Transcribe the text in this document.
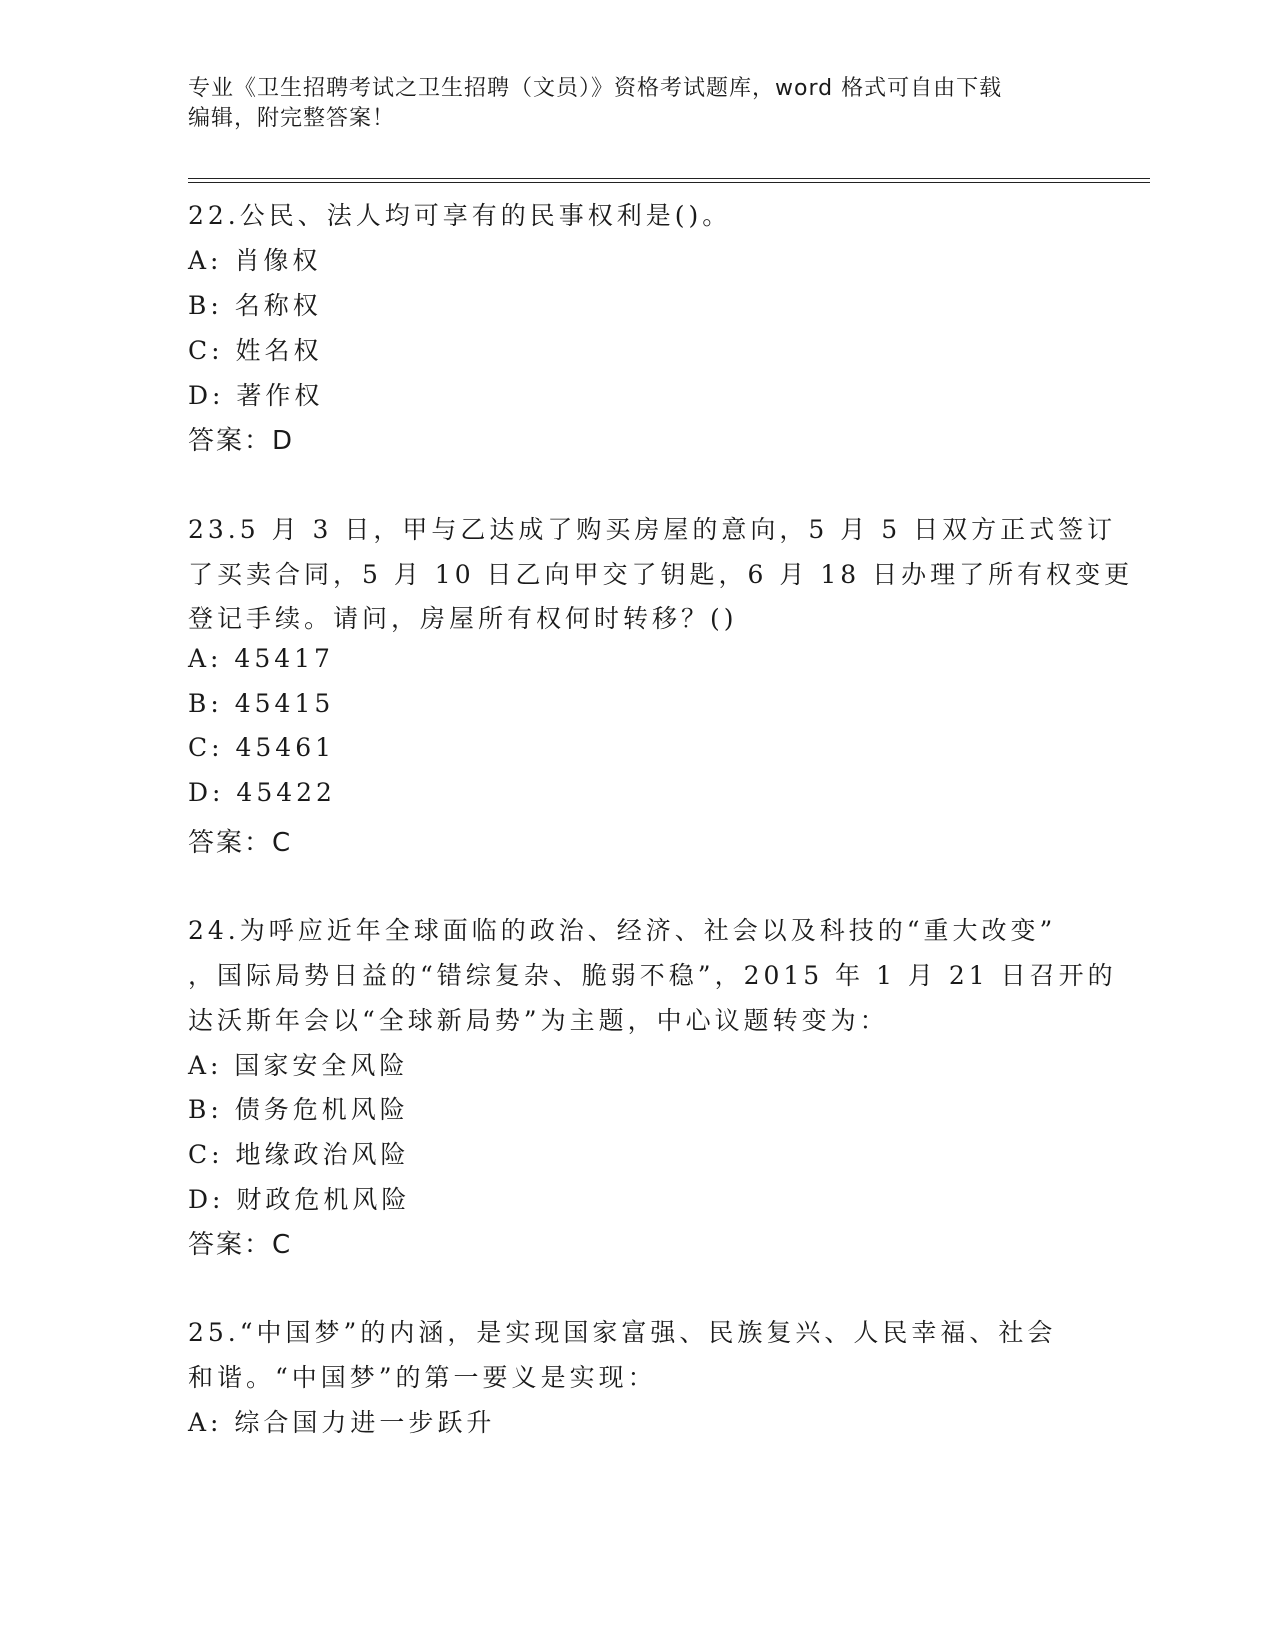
专业《卫生招聘考试之卫生招聘（文员）》资格考试题库，word 格式可自由下载
编辑，附完整答案！
22.公民、法人均可享有的民事权利是()。
A: 肖像权
B: 名称权
C: 姓名权
D: 著作权
答案：D
23.5 月 3 日，甲与乙达成了购买房屋的意向，5 月 5 日双方正式签订
了买卖合同，5 月 10 日乙向甲交了钥匙，6 月 18 日办理了所有权变更
登记手续。请问，房屋所有权何时转移？()
A: 45417
B: 45415
C: 45461
D: 45422
答案：C
24.为呼应近年全球面临的政治、经济、社会以及科技的“重大改变”
，国际局势日益的“错综复杂、脆弱不稳”，2015 年 1 月 21 日召开的
达沃斯年会以“全球新局势”为主题，中心议题转变为：
A: 国家安全风险
B: 债务危机风险
C: 地缘政治风险
D: 财政危机风险
答案：C
25.“中国梦”的内涵，是实现国家富强、民族复兴、人民幸福、社会
和谐。“中国梦”的第一要义是实现：
A: 综合国力进一步跃升
